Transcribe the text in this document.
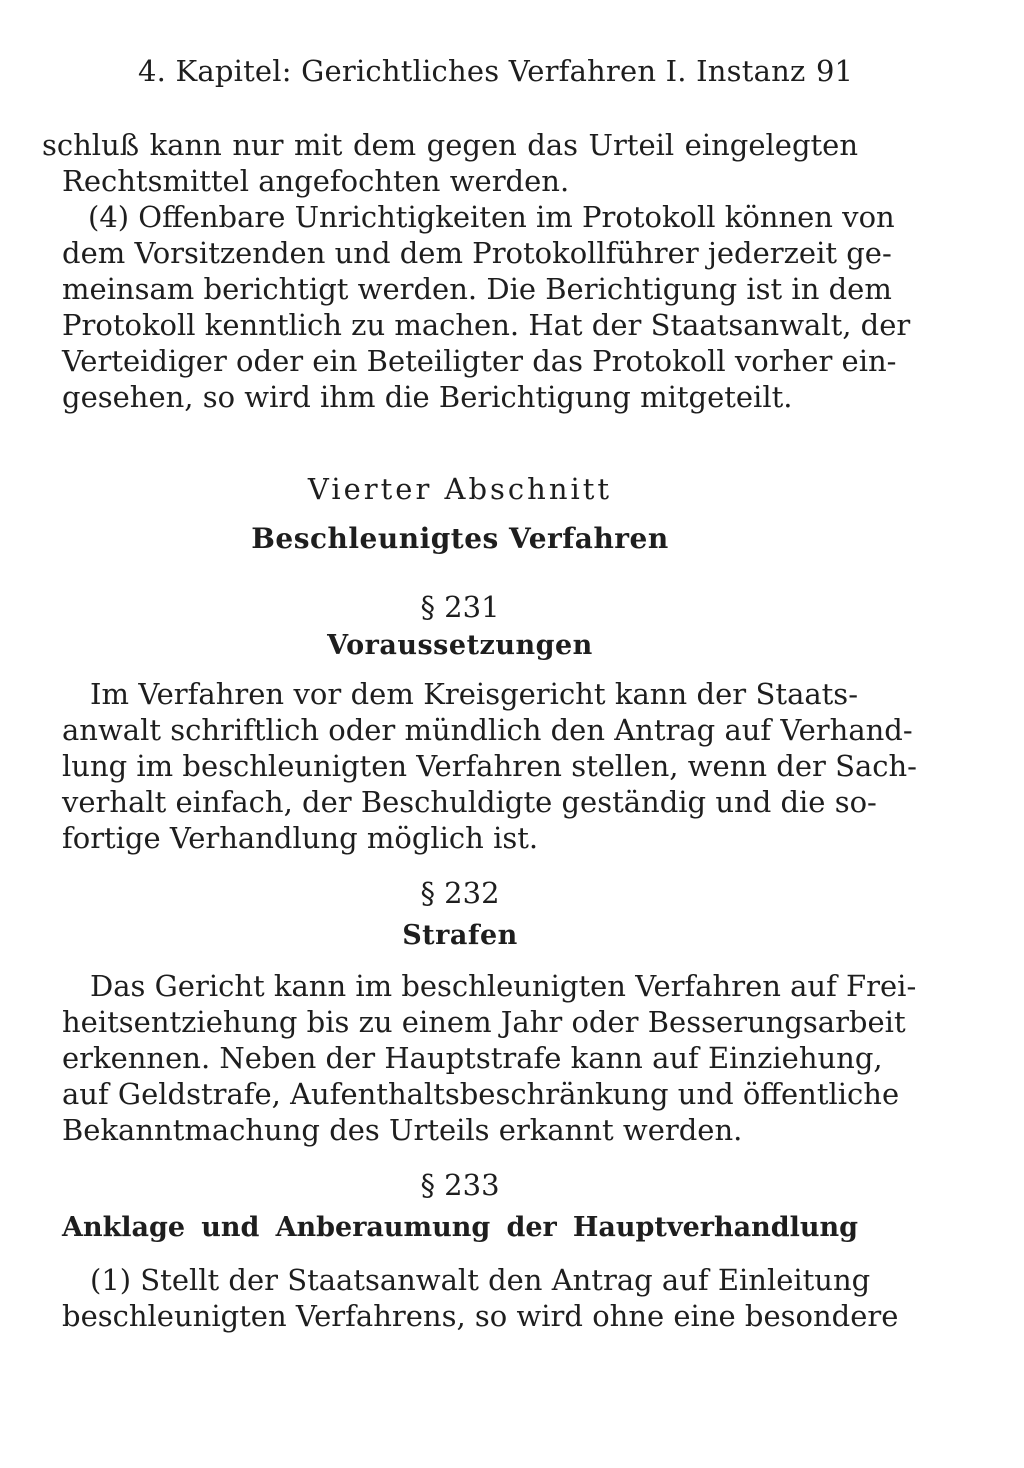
4. Kapitel: Gerichtliches Verfahren I. Instanz 91
schluß kann nur mit dem gegen das Urteil eingelegten
Rechtsmittel angefochten werden.
(4) Offenbare Unrichtigkeiten im Protokoll können von
dem Vorsitzenden und dem Protokollführer jederzeit ge-
meinsam berichtigt werden. Die Berichtigung ist in dem
Protokoll kenntlich zu machen. Hat der Staatsanwalt, der
Verteidiger oder ein Beteiligter das Protokoll vorher ein-
gesehen, so wird ihm die Berichtigung mitgeteilt.
Vierter Abschnitt
Beschleunigtes Verfahren
§ 231
Voraussetzungen
Im Verfahren vor dem Kreisgericht kann der Staats-
anwalt schriftlich oder mündlich den Antrag auf Verhand-
lung im beschleunigten Verfahren stellen, wenn der Sach-
verhalt einfach, der Beschuldigte geständig und die so-
fortige Verhandlung möglich ist.
§ 232
Strafen
Das Gericht kann im beschleunigten Verfahren auf Frei-
heitsentziehung bis zu einem Jahr oder Besserungsarbeit
erkennen. Neben der Hauptstrafe kann auf Einziehung,
auf Geldstrafe, Aufenthaltsbeschränkung und öffentliche
Bekanntmachung des Urteils erkannt werden.
§ 233
Anklage und Anberaumung der Hauptverhandlung
(1) Stellt der Staatsanwalt den Antrag auf Einleitung
beschleunigten Verfahrens, so wird ohne eine besondere
